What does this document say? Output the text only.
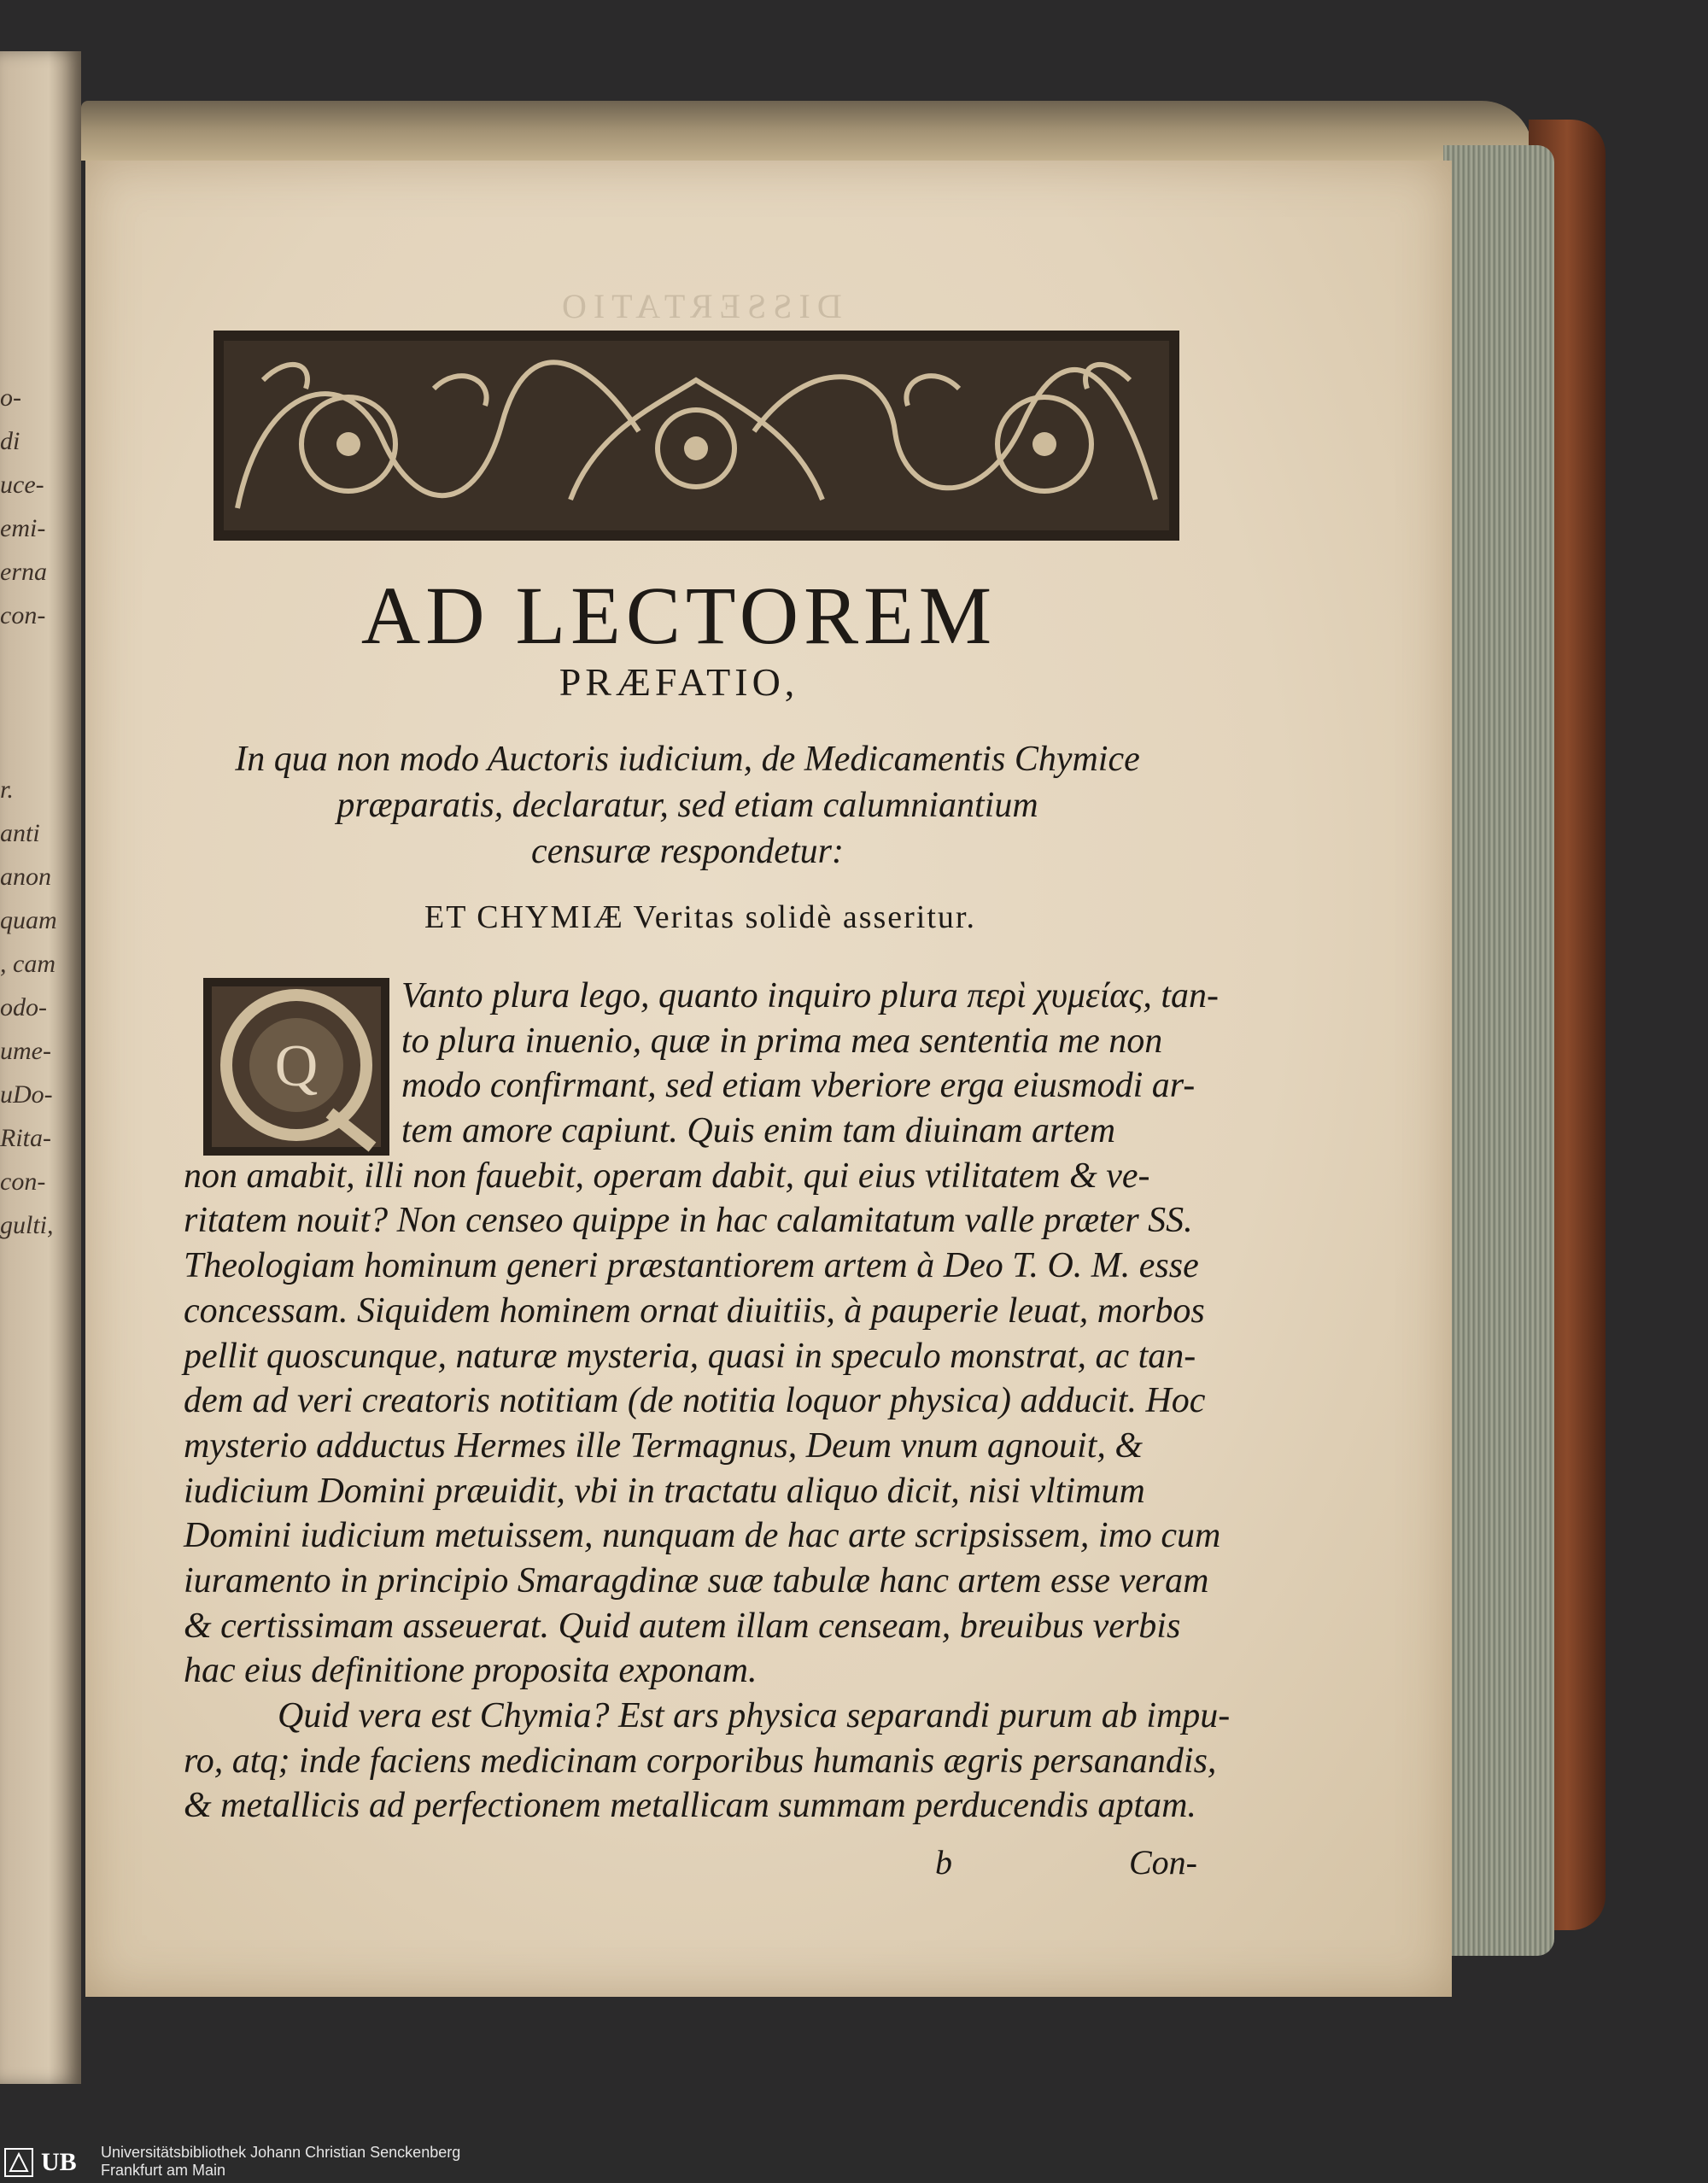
o-
di
uce-
emi-
erna
con-
r.
anti
anon
quam
, cam
odo-
ume-
uDo-
Rita-
con-
gulti,
DISSERTATIO
AD LECTOREM
PRÆFATIO,
In qua non modo Auctoris iudicium, de Medicamentis Chymice
præparatis, declaratur, sed etiam calumniantium
censuræ respondetur:
ET CHYMIÆ Veritas solidè asseritur.
Q
Vanto plura lego, quanto inquiro plura περὶ χυμείας, tan-
to plura inuenio, quæ in prima mea sententia me non
modo confirmant, sed etiam vberiore erga eiusmodi ar-
tem amore capiunt. Quis enim tam diuinam artem
non amabit, illi non fauebit, operam dabit, qui eius vtilitatem & ve-
ritatem nouit? Non censeo quippe in hac calamitatum valle præter SS.
Theologiam hominum generi præstantiorem artem à Deo T. O. M. esse
concessam. Siquidem hominem ornat diuitiis, à pauperie leuat, morbos
pellit quoscunque, naturæ mysteria, quasi in speculo monstrat, ac tan-
dem ad veri creatoris notitiam (de notitia loquor physica) adducit. Hoc
mysterio adductus Hermes ille Termagnus, Deum vnum agnouit, &
iudicium Domini præuidit, vbi in tractatu aliquo dicit, nisi vltimum
Domini iudicium metuissem, nunquam de hac arte scripsissem, imo cum
iuramento in principio Smaragdinæ suæ tabulæ hanc artem esse veram
& certissimam asseuerat. Quid autem illam censeam, breuibus verbis
hac eius definitione proposita exponam.
Quid vera est Chymia? Est ars physica separandi purum ab impu-
ro, atq; inde faciens medicinam corporibus humanis ægris persanandis,
& metallicis ad perfectionem metallicam summam perducendis aptam.
b	Con-
UB Universitätsbibliothek Johann Christian Senckenberg
Frankfurt am Main
